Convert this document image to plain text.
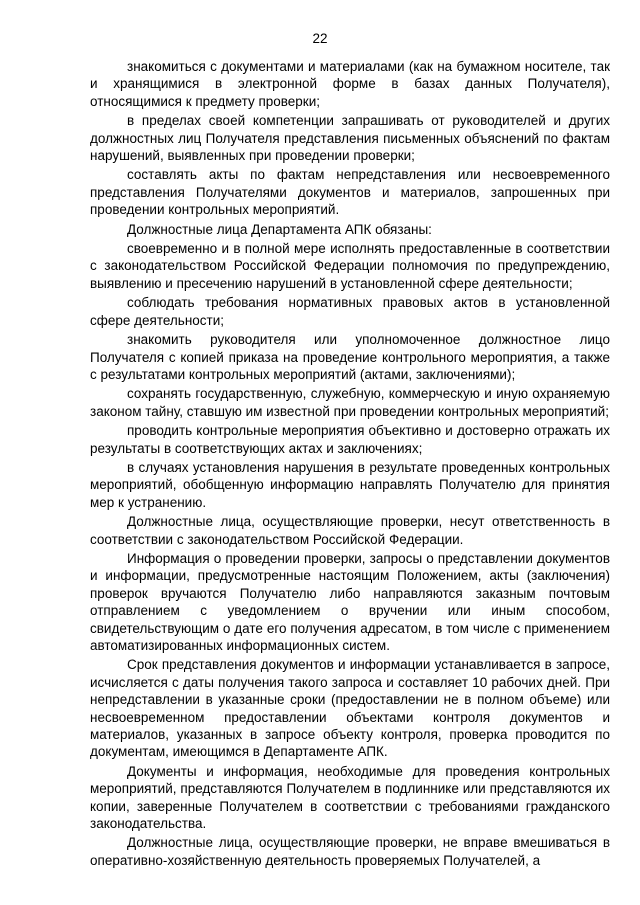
22

знакомиться с документами и материалами (как на бумажном носителе, так и хранящимися в электронной форме в базах данных Получателя), относящимися к предмету проверки;

в пределах своей компетенции запрашивать от руководителей и других должностных лиц Получателя представления письменных объяснений по фактам нарушений, выявленных при проведении проверки;

составлять акты по фактам непредставления или несвоевременного представления Получателями документов и материалов, запрошенных при проведении контрольных мероприятий.

Должностные лица Департамента АПК обязаны:

своевременно и в полной мере исполнять предоставленные в соответствии с законодательством Российской Федерации полномочия по предупреждению, выявлению и пресечению нарушений в установленной сфере деятельности;

соблюдать требования нормативных правовых актов в установленной сфере деятельности;

знакомить руководителя или уполномоченное должностное лицо Получателя с копией приказа на проведение контрольного мероприятия, а также с результатами контрольных мероприятий (актами, заключениями);

сохранять государственную, служебную, коммерческую и иную охраняемую законом тайну, ставшую им известной при проведении контрольных мероприятий;

проводить контрольные мероприятия объективно и достоверно отражать их результаты в соответствующих актах и заключениях;

в случаях установления нарушения в результате проведенных контрольных мероприятий, обобщенную информацию направлять Получателю для принятия мер к устранению.

Должностные лица, осуществляющие проверки, несут ответственность в соответствии с законодательством Российской Федерации.

Информация о проведении проверки, запросы о представлении документов и информации, предусмотренные настоящим Положением, акты (заключения) проверок вручаются Получателю либо направляются заказным почтовым отправлением с уведомлением о вручении или иным способом, свидетельствующим о дате его получения адресатом, в том числе с применением автоматизированных информационных систем.

Срок представления документов и информации устанавливается в запросе, исчисляется с даты получения такого запроса и составляет 10 рабочих дней. При непредставлении в указанные сроки (предоставлении не в полном объеме) или несвоевременном предоставлении объектами контроля документов и материалов, указанных в запросе объекту контроля, проверка проводится по документам, имеющимся в Департаменте АПК.

Документы и информация, необходимые для проведения контрольных мероприятий, представляются Получателем в подлиннике или представляются их копии, заверенные Получателем в соответствии с требованиями гражданского законодательства.

Должностные лица, осуществляющие проверки, не вправе вмешиваться в оперативно-хозяйственную деятельность проверяемых Получателей, а
